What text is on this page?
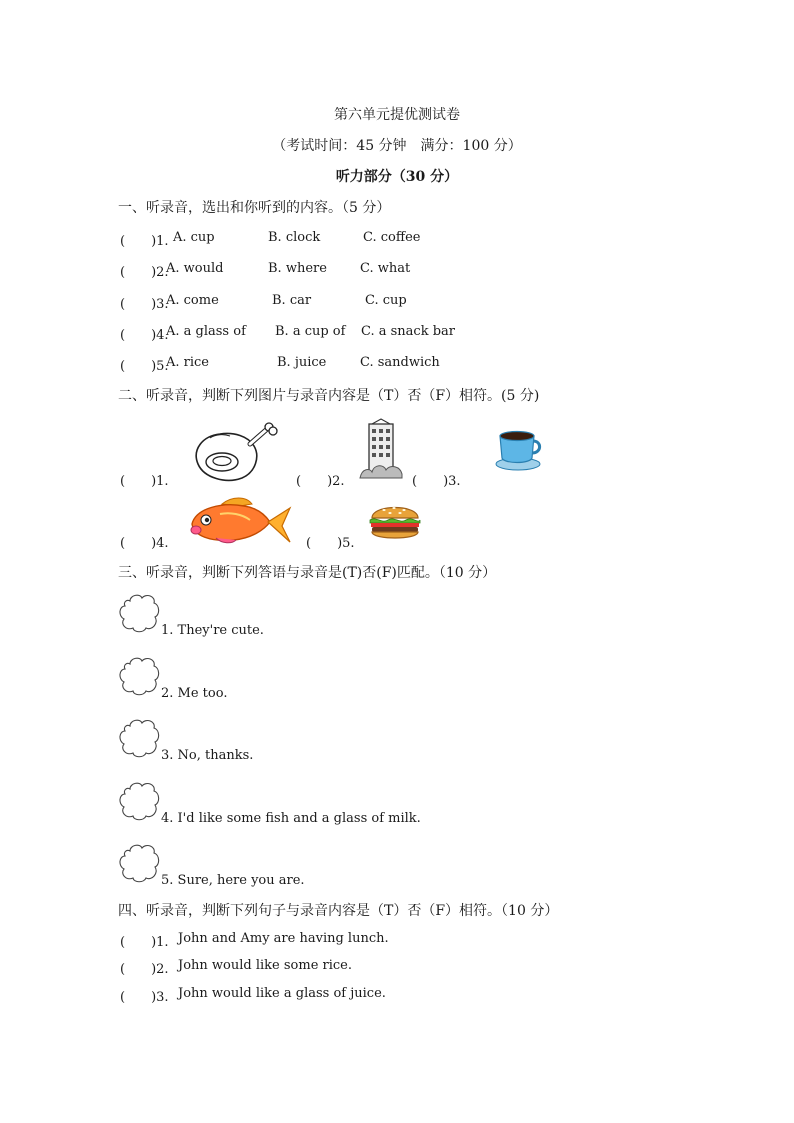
第六单元提优测试卷
（考试时间：45 分钟　满分：100 分）
听力部分（30 分）
一、听录音，选出和你听到的内容。（5 分）
(　　)1. A. cup	B. clock	C. coffee
(　　)2.
A. would	B. where	C. what
(　　)3.
A. come	B. car	C. cup
(　　)4.
A. a glass of B. a cup of C. a snack bar
(　　)5.
A. rice	B. juice	C. sandwich
二、听录音，判断下列图片与录音内容是（T）否（F）相符。(5 分)
(　　)1.	(　　)2.	(　　)3.
(　　)4.	(　　)5.
三、听录音，判断下列答语与录音是(T)否(F)匹配。（10 分）
1. They're cute.
2. Me too.
3. No, thanks.
4. I'd like some fish and a glass of milk.
5. Sure, here you are.
四、听录音，判断下列句子与录音内容是（T）否（F）相符。（10 分）
(　　)1. John and Amy are having lunch.
(　　)2. John would like some rice.
(　　)3. John would like a glass of juice.
